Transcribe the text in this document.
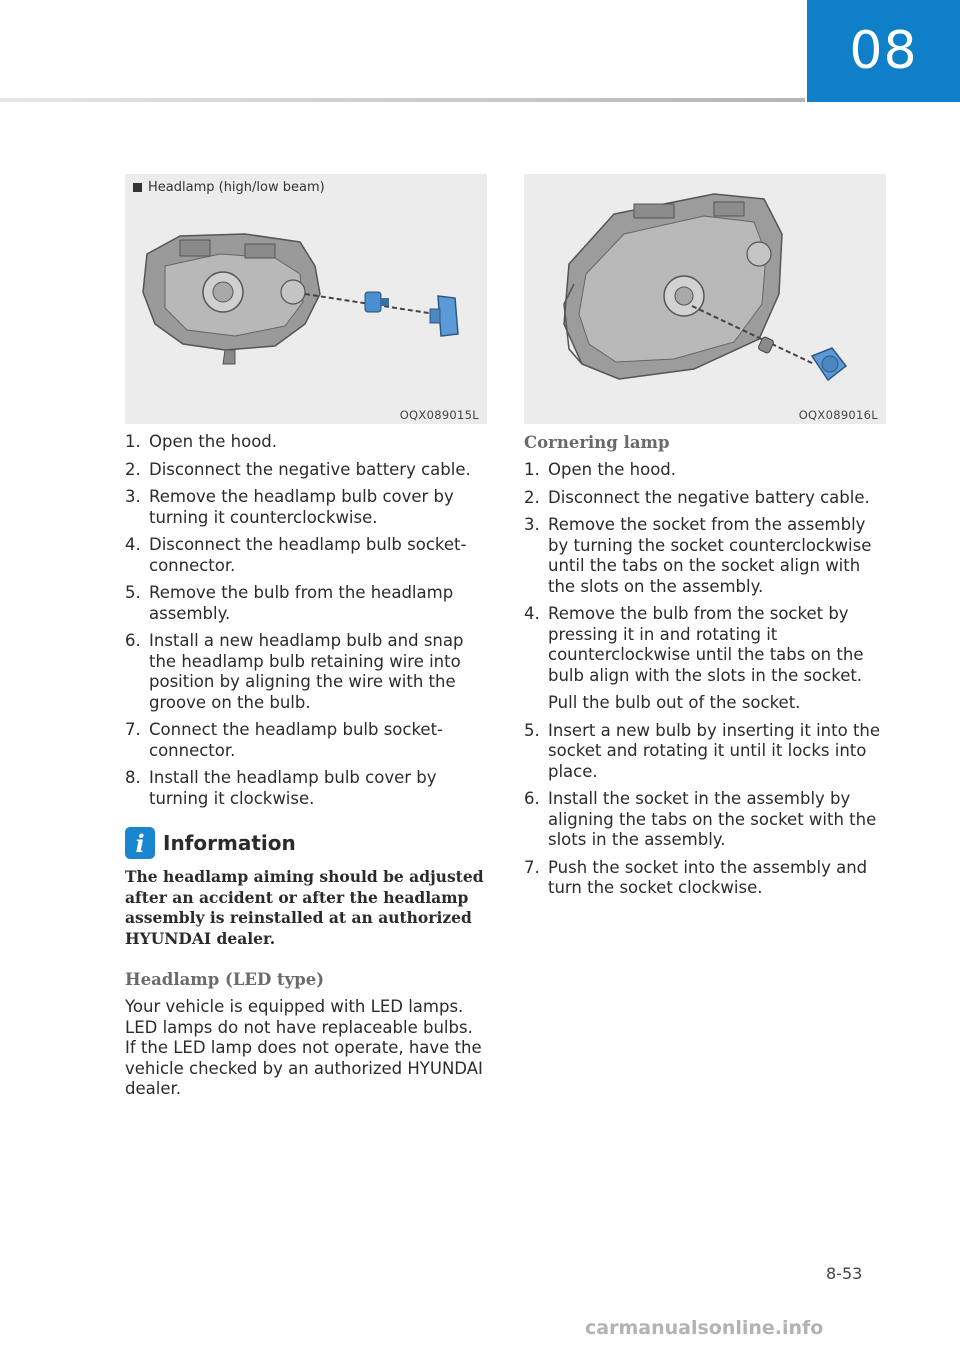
08
Headlamp (high/low beam)
OQX089015L	OQX089016L
1. Open the hood.
2. Disconnect the negative battery cable.
3. Remove the headlamp bulb cover by turning it counterclockwise.
4. Disconnect the headlamp bulb socket-connector.
5. Remove the bulb from the headlamp assembly.
6. Install a new headlamp bulb and snap the headlamp bulb retaining wire into position by aligning the wire with the groove on the bulb.
7. Connect the headlamp bulb socket-connector.
8. Install the headlamp bulb cover by turning it clockwise.
i Information
The headlamp aiming should be adjusted after an accident or after the headlamp assembly is reinstalled at an authorized HYUNDAI dealer.
Headlamp (LED type)

Your vehicle is equipped with LED lamps. LED lamps do not have replaceable bulbs. If the LED lamp does not operate, have the vehicle checked by an authorized HYUNDAI dealer.

Cornering lamp
1. Open the hood.
2. Disconnect the negative battery cable.
3. Remove the socket from the assembly by turning the socket counterclockwise until the tabs on the socket align with the slots on the assembly.
4. Remove the bulb from the socket by pressing it in and rotating it counterclockwise until the tabs on the bulb align with the slots in the socket.
Pull the bulb out of the socket.
5. Insert a new bulb by inserting it into the socket and rotating it until it locks into place.
6. Install the socket in the assembly by aligning the tabs on the socket with the slots in the assembly.
7. Push the socket into the assembly and turn the socket clockwise.
8-53
carmanualsonline.info
